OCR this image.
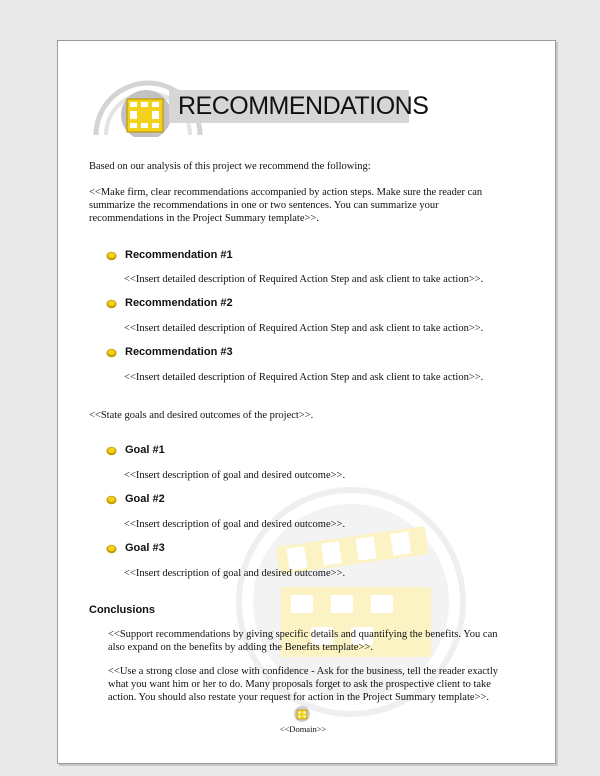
RECOMMENDATIONS
Based on our analysis of this project we recommend the following:
<<Make firm, clear recommendations accompanied by action steps. Make sure the reader can
summarize the recommendations in one or two sentences. You can summarize your
recommendations in the Project Summary template>>.
Recommendation #1
<<Insert detailed description of Required Action Step and ask client to take action>>.
Recommendation #2
<<Insert detailed description of Required Action Step and ask client to take action>>.
Recommendation #3
<<Insert detailed description of Required Action Step and ask client to take action>>.
<<State goals and desired outcomes of the project>>.
Goal #1
<<Insert description of goal and desired outcome>>.
Goal #2
<<Insert description of goal and desired outcome>>.
Goal #3
<<Insert description of goal and desired outcome>>.
Conclusions
<<Support recommendations by giving specific details and quantifying the benefits. You can
also expand on the benefits by adding the Benefits template>>.
<<Use a strong close and close with confidence - Ask for the business, tell the reader exactly
what you want him or her to do. Many proposals forget to ask the prospective client to take
action. You should also restate your request for action in the Project Summary template>>.
<<Domain>>
